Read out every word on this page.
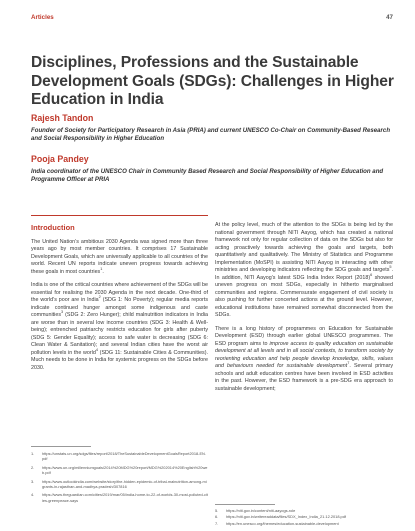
Articles	47
Disciplines, Professions and the Sustainable Development Goals (SDGs): Challenges in Higher Education in India
Rajesh Tandon
Founder of Society for Participatory Research in Asia (PRIA) and current UNESCO Co-Chair on Community-Based Research and Social Responsibility in Higher Education
Pooja Pandey
India coordinator of the UNESCO Chair in Community Based Research and Social Responsibility of Higher Education and Programme Officer at PRIA
Introduction

The United Nation’s ambitious 2030 Agenda was signed more than three years ago by most member countries. It comprises 17 Sustainable Development Goals, which are universally applicable to all countries of the world. Recent UN reports indicate uneven progress towards achieving these goals in most countries$^1$.

India is one of the critical countries where achievement of the SDGs will be essential for realising the 2030 Agenda in the next decade. One-third of the world’s poor are in India$^2$ (SDG 1: No Poverty); regular media reports indicate continued hunger amongst some indigenous and caste communities$^3$ (SDG 2: Zero Hunger); child malnutrition indicators in India are worse than in several low income countries (SDG 3: Health & Well-being); entrenched patriarchy restricts education for girls after puberty (SDG 5: Gender Equality); access to safe water is decreasing (SDG 6: Clean Water & Sanitation); and several Indian cities have the worst air pollution levels in the world$^4$ (SDG 11: Sustainable Cities & Communities). Much needs to be done in India for systemic progress on the SDGs before 2030.

At the policy level, much of the attention to the SDGs is being led by the national government through NITI Aayog, which has created a national framework not only for regular collection of data on the SDGs but also for acting proactively towards achieving the goals and targets, both quantitatively and qualitatively. The Ministry of Statistics and Programme Implementation (MoSPI) is assisting NITI Aayog in interacting with other ministries and developing indicators reflecting the SDG goals and targets$^5$. In addition, NITI Aayog’s latest SDG India Index Report $(2018)^6$ showed uneven progress on most SDGs, especially in hitherto marginalised communities and regions. Commensurate engagement of civil society is also pushing for further concerted actions at the ground level. However, educational institutions have remained somewhat disconnected from the SDGs.

There is a long history of programmes on Education for Sustainable Development (ESD) through earlier global UNESCO programmes. The ESD program aims to improve access to quality education on sustainable development at all levels and in all social contexts, to transform society by reorienting education and help people develop knowledge, skills, values and behaviours needed for sustainable development$^7$. Several primary schools and adult education centres have been involved in ESD activities in the past. However, the ESD framework is a pre-SDG era approach to sustainable development;

1.	https://unstats.un.org/sdgs/files/report/2018/TheSustainableDevelopmentGoalsReport2018-EN.pdf
2.	https://www.un.org/millenniumgoals/2014%20MDG%20report/MDG%202014%20English%20web.pdf
3.	https://www.outlookindia.com/website/story/the-hidden-epidemic-of-tribal-malnutrition-among-migrants-in-rajasthan-and-madhya-pradesh/307816
4.	https://www.theguardian.com/cities/2019/mar/05/india-home-to-22-of-worlds-30-most-polluted-cities-greenpeace-says
5.	https://niti.gov.in/content/niti-aayogs-role
6.	https://niti.gov.in/writereaddata/files/SDX_Index_India_21.12.2018.pdf
7.	https://en.unesco.org/themes/education-sustainable-development
